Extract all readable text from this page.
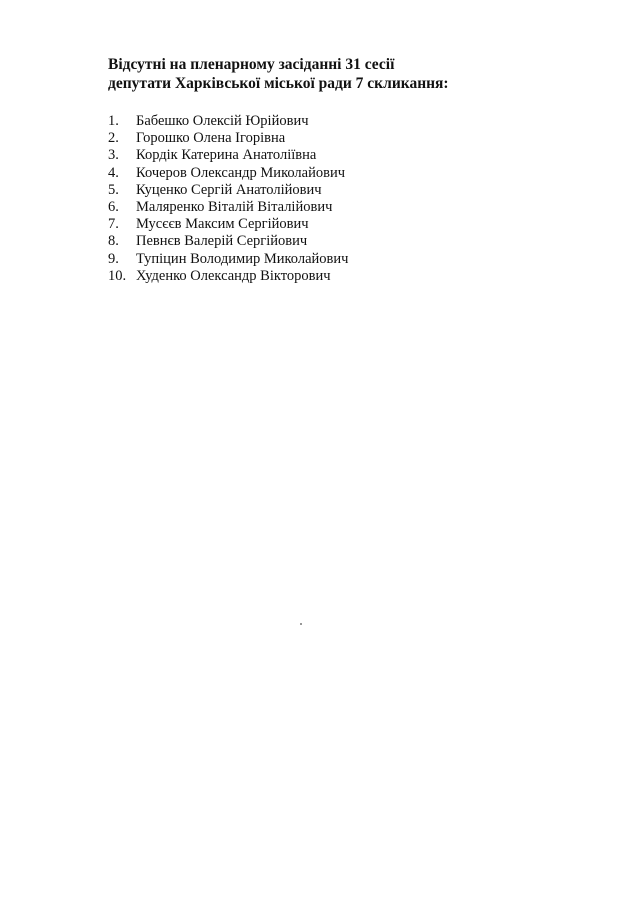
Відсутні на пленарному засіданні 31 сесії
депутати Харківської міської ради 7 скликання:
1.	Бабешко Олексій Юрійович
2.	Горошко Олена Ігорівна
3.	Кордік Катерина Анатоліївна
4.	Кочеров Олександр Миколайович
5.	Куценко Сергій Анатолійович
6.	Маляренко Віталій Віталійович
7.	Мусєєв Максим Сергійович
8.	Певнєв Валерій Сергійович
9.	Тупіцин Володимир Миколайович
10. Худенко Олександр Вікторович
